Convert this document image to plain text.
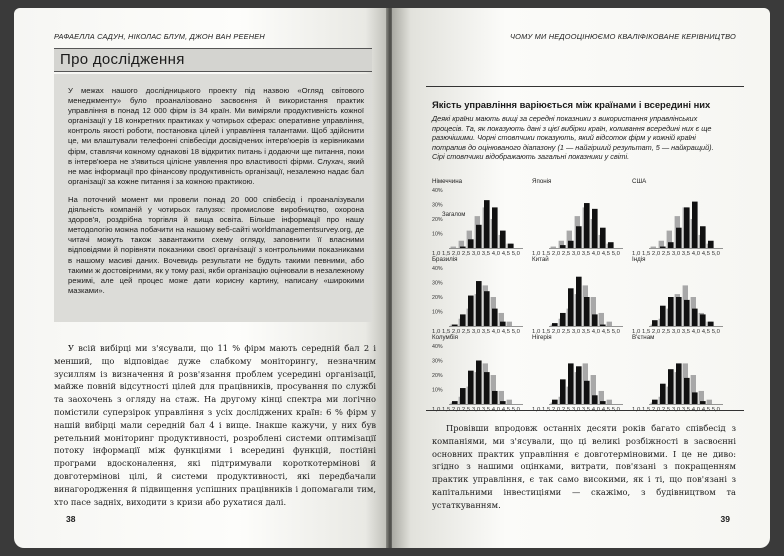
РАФАЕЛЛА САДУН, НІКОЛАС БЛУМ, ДЖОН ВАН РЕЕНЕН
Про дослідження

У межах нашого дослідницького проекту під назвою «Огляд світового менеджменту» було проаналізовано засвоєння й використання практик управління в понад 12 000 фірм із 34 країн. Ми виміряли продуктивність кожної організації у 18 конкретних практиках у чотирьох сферах: оперативне управління, контроль якості роботи, постановка цілей і управління талантами. Щоб здійснити це, ми влаштували телефонні співбесіди досвідчених інтерв'юерів із керівниками фірм, ставлячи кожному однакові 18 відкритих питань і додаючи ще питання, поки в інтерв'юера не з'явиться цілісне уявлення про властивості фірми. Слухач, який не має інформації про фінансову продуктивність організації, незалежно надає бал організації за кожне питання і за кожною практикою.

На поточний момент ми провели понад 20 000 співбесід і проаналізували діяльність компаній у чотирьох галузях: промислове виробництво, охорона здоров'я, роздрібна торгівля й вища освіта. Більше інформації про нашу методологію можна побачити на нашому веб-сайті worldmanagementsurvey.org, де читачі можуть також завантажити схему огляду, заповнити її власними відповідями й порівняти показники своєї організації з контрольними показниками в нашому масиві даних. Вочевидь результати не будуть такими певними, або такими ж достовірними, як у тому разі, якби організацію оцінювали в незалежному режимі, але цей процес може дати корисну картину, написану «широкими мазками».

У всій вибірці ми з'ясували, що 11 % фірм мають середній бал 2 і менший, що відповідає дуже слабкому моніторингу, незначним зусиллям із визначення й розв'язання проблем усередині організації, майже повній відсутності цілей для працівників, просування по службі та заохочень з огляду на стаж. На другому кінці спектра ми логічно помістили суперзірок управління з усіх досліджених країн: 6 % фірм у нашій вибірці мали середній бал 4 і вище. Інакше кажучи, у них був ретельний моніторинг продуктивності, розроблені системи оптимізації потоку інформації між функціями і всередині функцій, постійні програми вдосконалення, які підтримували короткотермінові й довготермінові цілі, й системи продуктивності, які передбачали винагородження й підвищення успішних працівників і допомагали тим, хто пасе задніх, виходити з кризи або рухатися далі.

38
ЧОМУ МИ НЕДООЦІНЮЄМО КВАЛІФІКОВАНЕ КЕРІВНИЦТВО
Якість управління варіюється між країнами і всередині них
Деякі країни мають вищі за середні показники з використання управлінських процесів. Та, як показують дані з цієї вибірки країн, коливання всередині них є ще разючішими. Чорні стовпчики показують, який відсоток фірм у кожній країні потрапив до оцінюваного діапазону (1 — найгірший результат, 5 — найкращий). Сірі стовпчики відображають загальні показники у світі.
Німеччина
40%
30%
20%
10%
1,0 1,5 2,0 2,5 3,0 3,5 4,0 4,5 5,0
Японія
1,0 1,5 2,0 2,5 3,0 3,5 4,0 4,5 5,0
США
1,0 1,5 2,0 2,5 3,0 3,5 4,0 4,5 5,0
Бразилія
40%
30%
20%
10%
1,0 1,5 2,0 2,5 3,0 3,5 4,0 4,5 5,0
Китай
1,0 1,5 2,0 2,5 3,0 3,5 4,0 4,5 5,0
Індія
1,0 1,5 2,0 2,5 3,0 3,5 4,0 4,5 5,0
Колумбія
40%
30%
20%
10%
1,0 1,5 2,0 2,5 3,0 3,5 4,0 4,5 5,0
Нігерія
1,0 1,5 2,0 2,5 3,0 3,5 4,0 4,5 5,0
В'єтнам
1,0 1,5 2,0 2,5 3,0 3,5 4,0 4,5 5,0
Загалом

Провівши впродовж останніх десяти років багато співбесід з компаніями, ми з'ясували, що ці великі розбіжності в засвоєнні основних практик управління є довготерміновими. І це не диво: згідно з нашими оцінками, витрати, пов'язані з покращенням практик управління, є так само високими, як і ті, що пов'язані з капітальними інвестиціями — скажімо, з будівництвом та устаткуванням.

39
